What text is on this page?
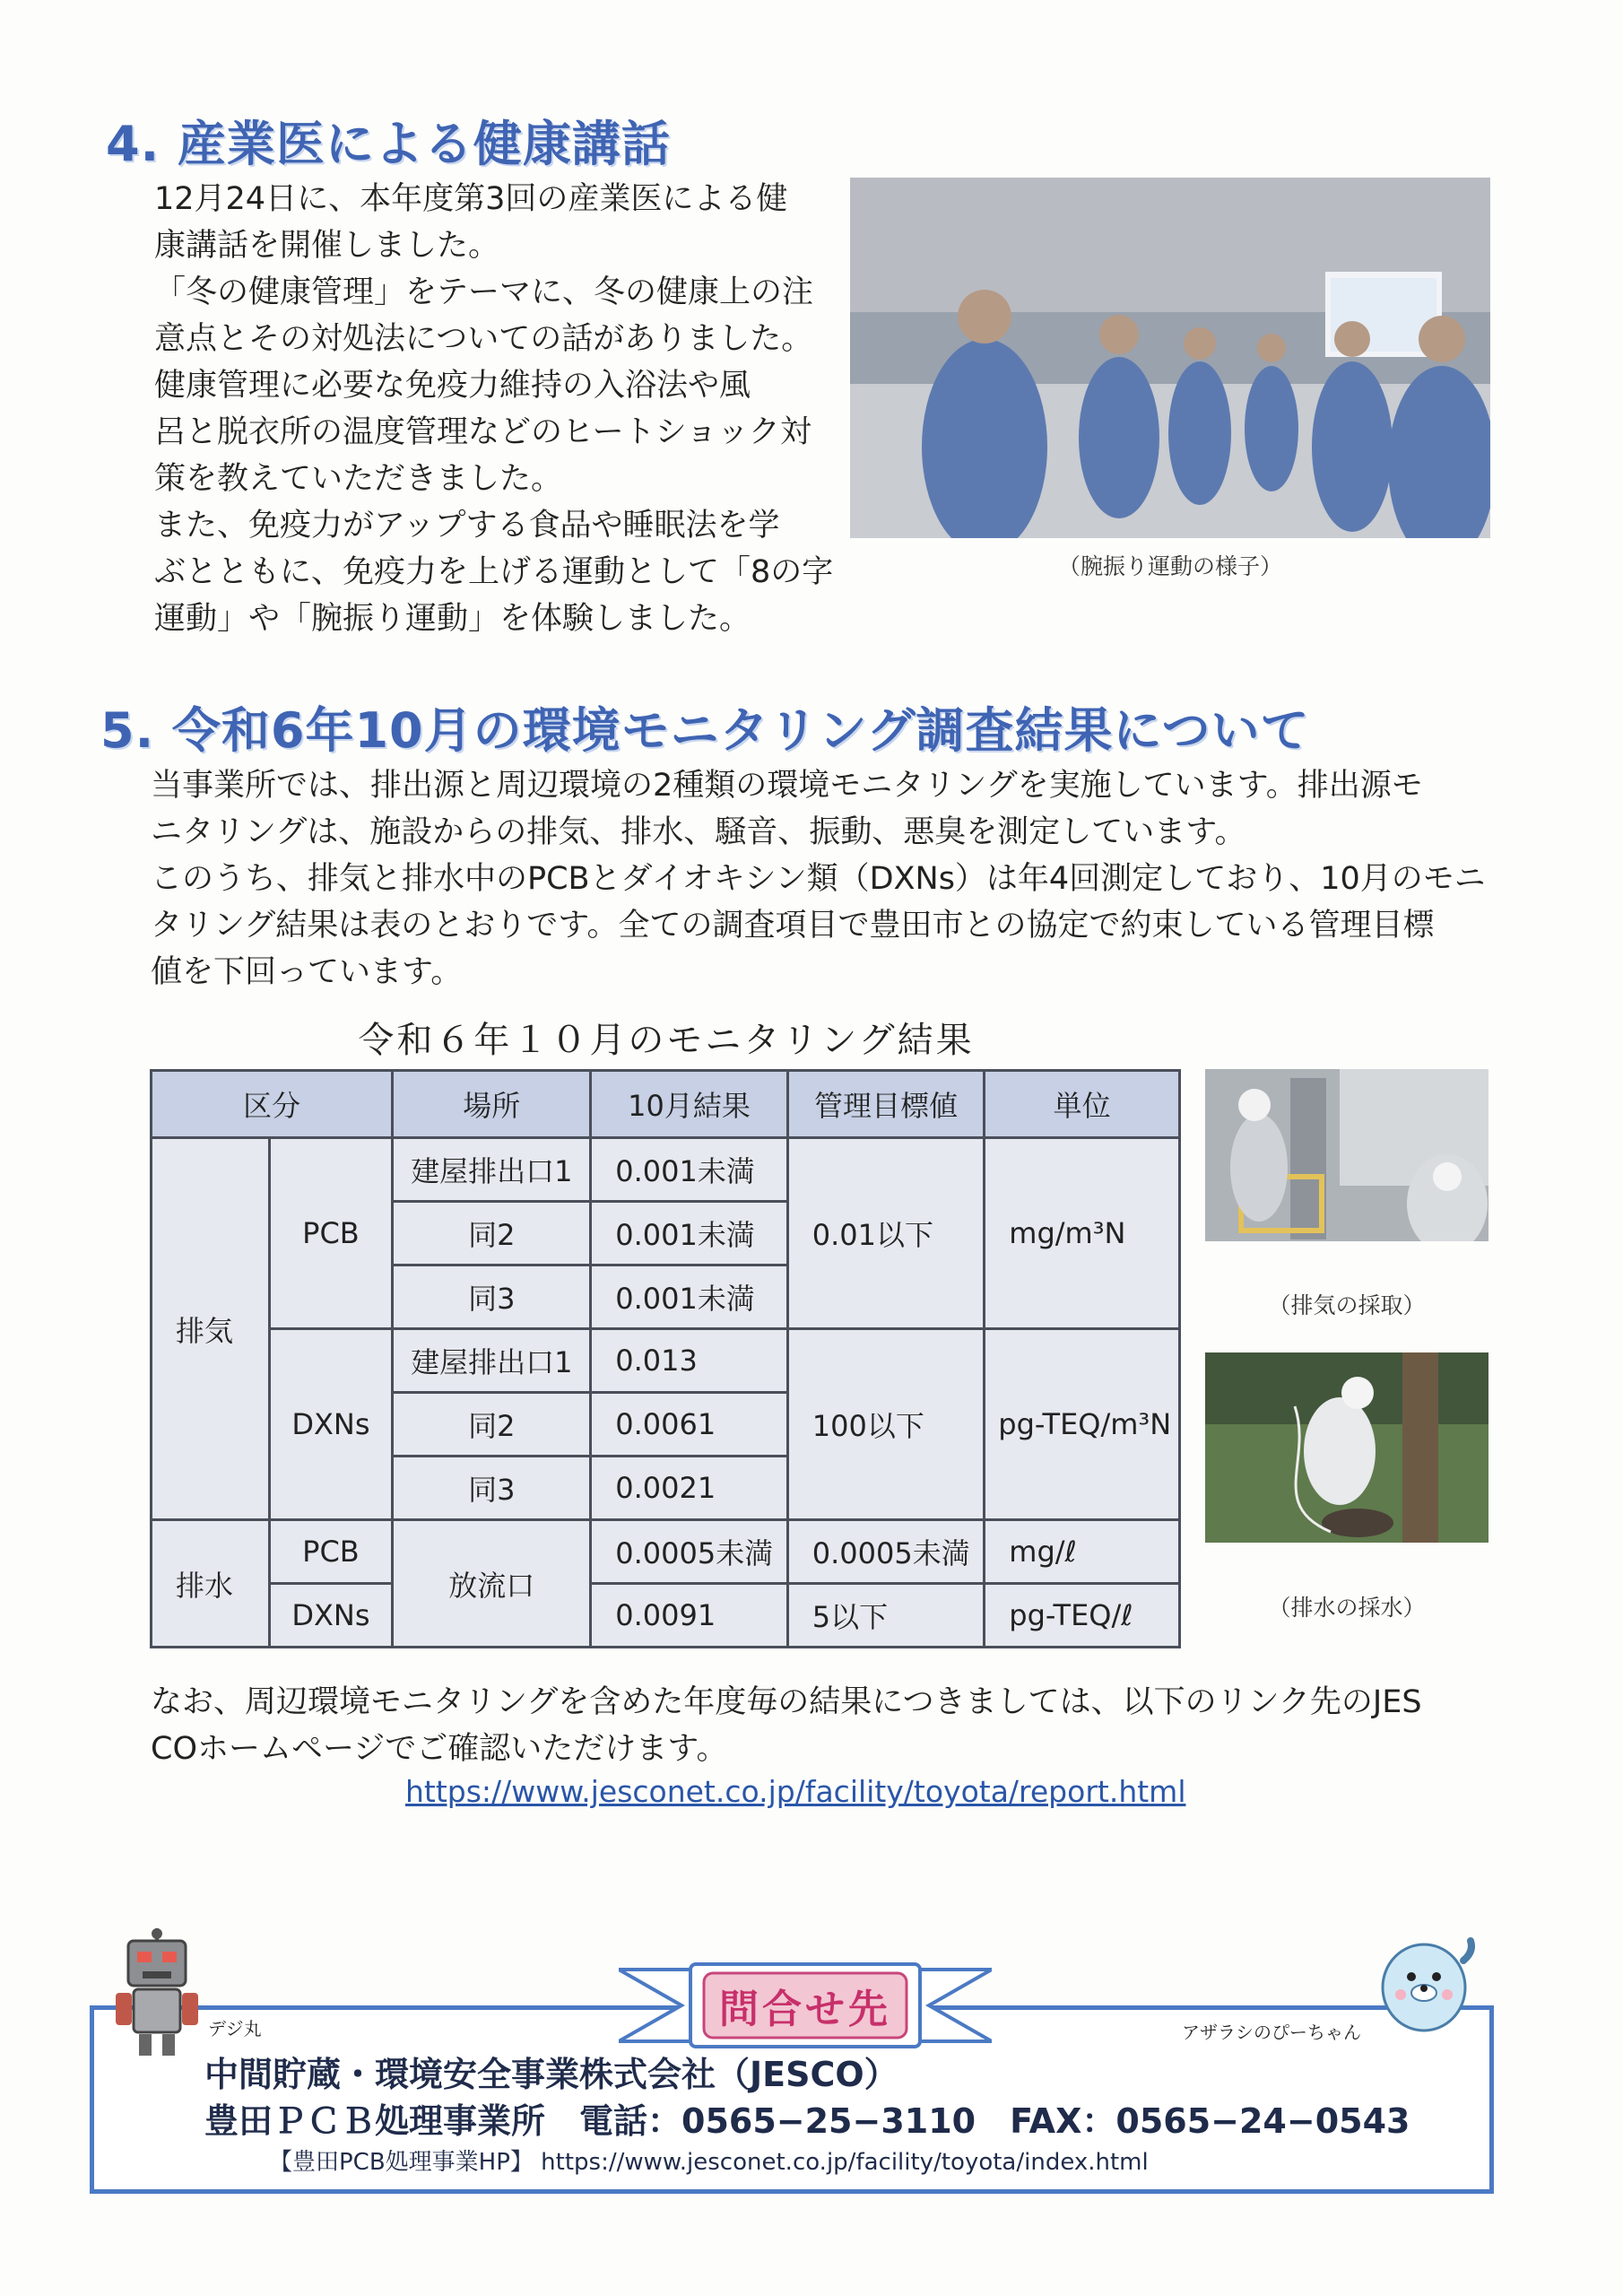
4. 産業医による健康講話
12月24日に、本年度第3回の産業医による健
康講話を開催しました。
「冬の健康管理」をテーマに、冬の健康上の注
意点とその対処法についての話がありました。
健康管理に必要な免疫力維持の入浴法や風
呂と脱衣所の温度管理などのヒートショック対
策を教えていただきました。
また、免疫力がアップする食品や睡眠法を学
ぶとともに、免疫力を上げる運動として「8の字
運動」や「腕振り運動」を体験しました。
（腕振り運動の様子）
5. 令和6年10月の環境モニタリング調査結果について
当事業所では、排出源と周辺環境の2種類の環境モニタリングを実施しています。排出源モ
ニタリングは、施設からの排気、排水、騒音、振動、悪臭を測定しています。
このうち、排気と排水中のPCBとダイオキシン類（DXNs）は年4回測定しており、10月のモニ
タリング結果は表のとおりです。全ての調査項目で豊田市との協定で約束している管理目標
値を下回っています。
令和６年１０月のモニタリング結果
区分		場所	10月結果	管理目標値	単位
排気	PCB	建屋排出口1	0.001未満	0.01以下	mg/m³N
		同2	0.001未満		
		同3	0.001未満		
	DXNs	建屋排出口1	0.013	100以下	pg-TEQ/m³N
		同2	0.0061		
		同3	0.0021		
排水	PCB	放流口	0.0005未満	0.0005未満	mg/ℓ
	DXNs		0.0091	5以下	pg-TEQ/ℓ
（排気の採取）
（排水の採水）
なお、周辺環境モニタリングを含めた年度毎の結果につきましては、以下のリンク先のJES
COホームページでご確認いただけます。
https://www.jesconet.co.jp/facility/toyota/report.html
問合せ先
デジ丸	アザラシのぴーちゃん
中間貯蔵・環境安全事業株式会社（JESCO）
豊田ＰＣＢ処理事業所　電話：0565−25−3110　FAX：0565−24−0543
【豊田PCB処理事業HP】 https://www.jesconet.co.jp/facility/toyota/index.html
